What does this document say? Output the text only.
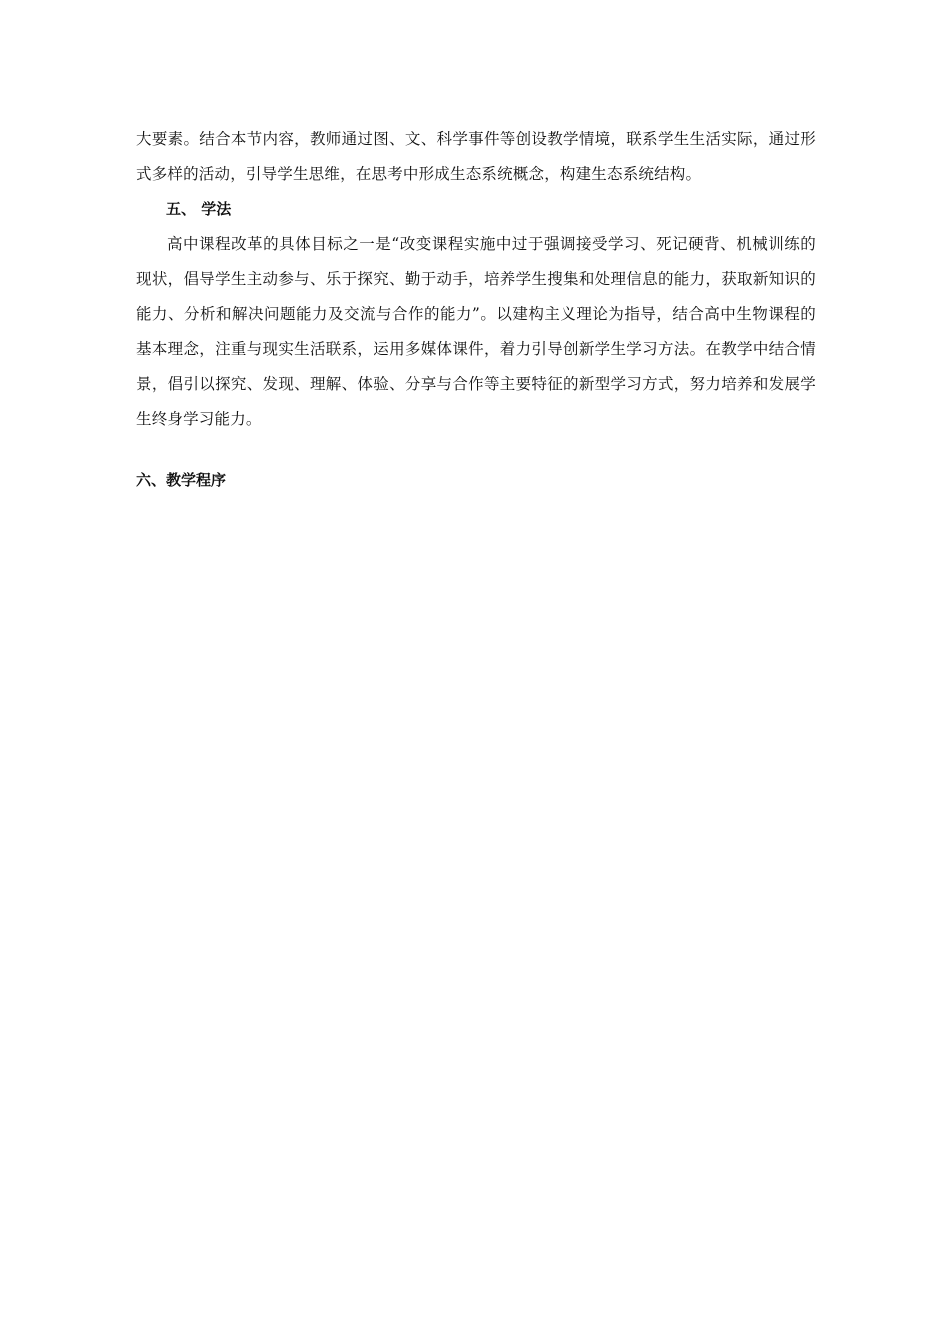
大要素。结合本节内容，教师通过图、文、科学事件等创设教学情境，联系学生生活实际，通过形式多样的活动，引导学生思维，在思考中形成生态系统概念，构建生态系统结构。

五、 学法

高中课程改革的具体目标之一是“改变课程实施中过于强调接受学习、死记硬背、机械训练的现状，倡导学生主动参与、乐于探究、勤于动手，培养学生搜集和处理信息的能力，获取新知识的能力、分析和解决问题能力及交流与合作的能力”。以建构主义理论为指导，结合高中生物课程的基本理念，注重与现实生活联系，运用多媒体课件，着力引导创新学生学习方法。在教学中结合情景，倡引以探究、发现、理解、体验、分享与合作等主要特征的新型学习方式，努力培养和发展学生终身学习能力。

六、教学程序
